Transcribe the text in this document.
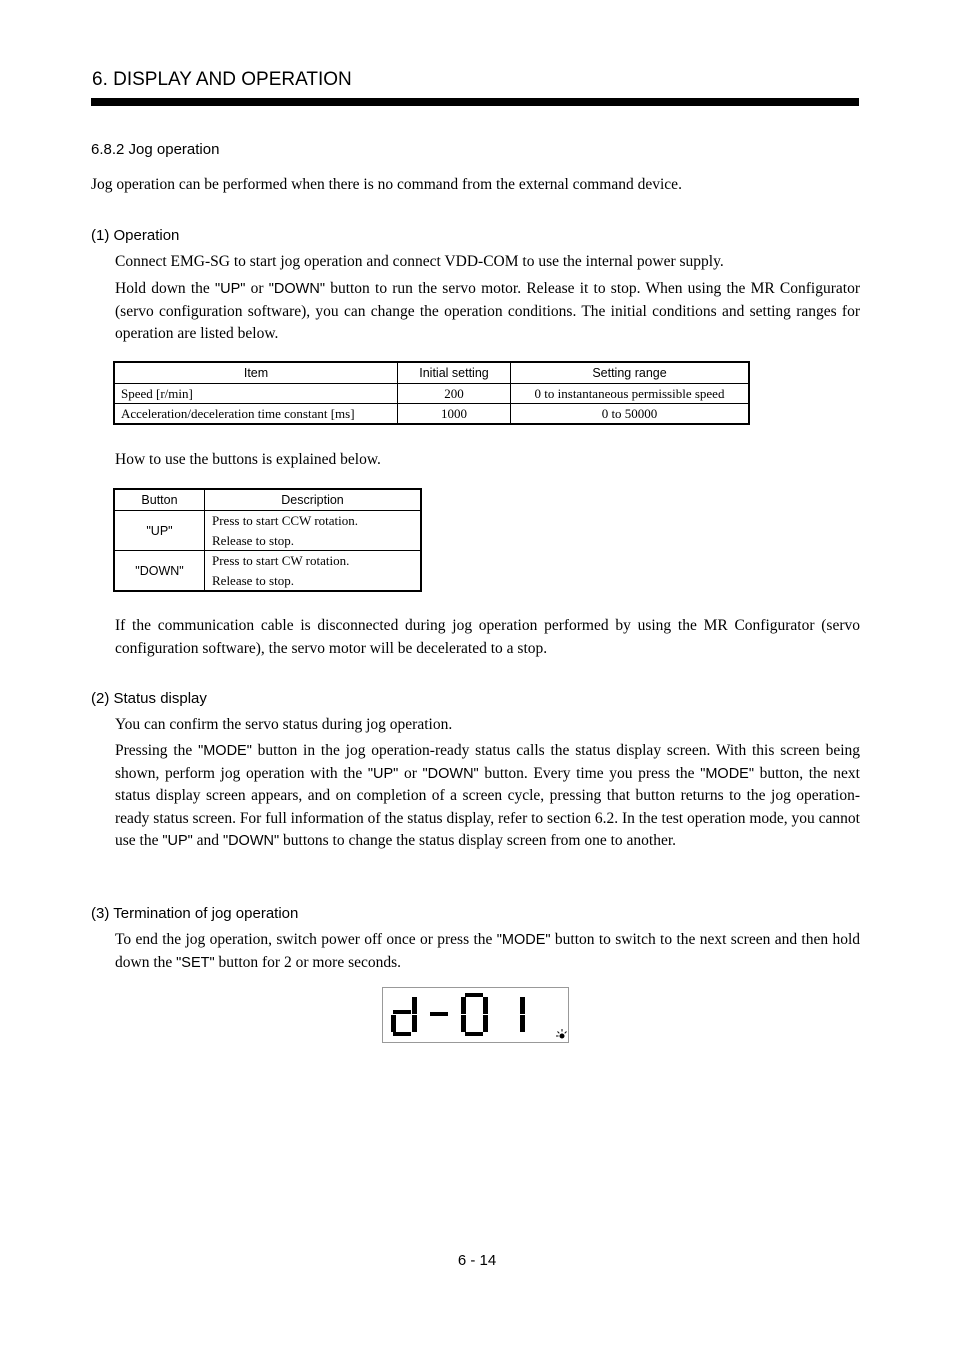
6. DISPLAY AND OPERATION
6.8.2 Jog operation
Jog operation can be performed when there is no command from the external command device.
(1) Operation
Connect EMG-SG to start jog operation and connect VDD-COM to use the internal power supply.
Hold down the "UP" or "DOWN" button to run the servo motor. Release it to stop. When using the MR Configurator (servo configuration software), you can change the operation conditions. The initial conditions and setting ranges for operation are listed below.
Item	Initial setting	Setting range
Speed [r/min]	200	0 to instantaneous permissible speed
Acceleration/deceleration time constant [ms]	1000	0 to 50000
How to use the buttons is explained below.
Button	Description
"UP"	Press to start CCW rotation.
Release to stop.

"DOWN"	Press to start CW rotation.
Release to stop.
If the communication cable is disconnected during jog operation performed by using the MR Configurator (servo configuration software), the servo motor will be decelerated to a stop.
(2) Status display
You can confirm the servo status during jog operation.
Pressing the "MODE" button in the jog operation-ready status calls the status display screen. With this screen being shown, perform jog operation with the "UP" or "DOWN" button. Every time you press the "MODE" button, the next status display screen appears, and on completion of a screen cycle, pressing that button returns to the jog operation-ready status screen. For full information of the status display, refer to section 6.2. In the test operation mode, you cannot use the "UP" and "DOWN" buttons to change the status display screen from one to another.
(3) Termination of jog operation
To end the jog operation, switch power off once or press the "MODE" button to switch to the next screen and then hold down the "SET" button for 2 or more seconds.
6 - 14
